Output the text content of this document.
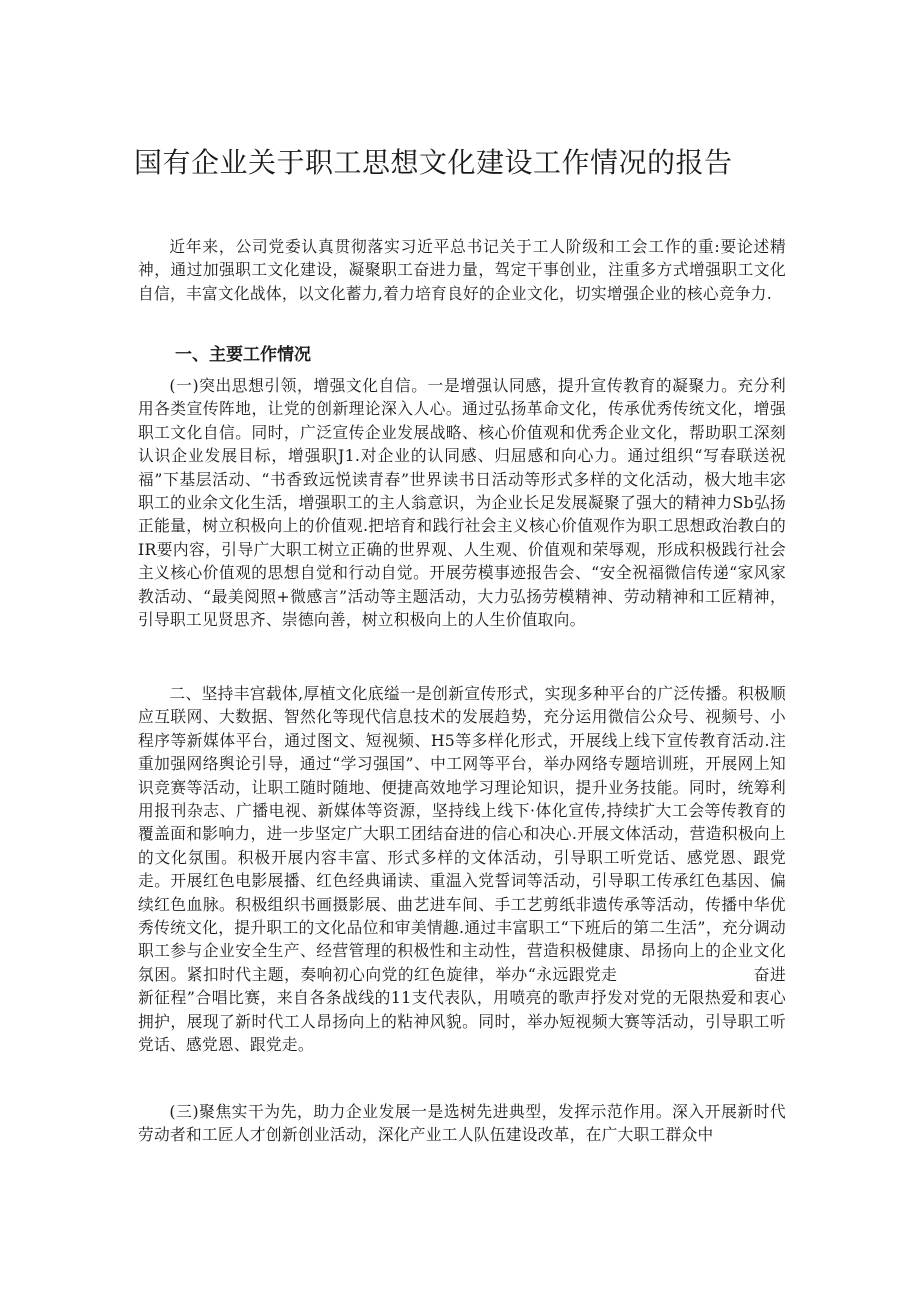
国有企业关于职工思想文化建设工作情况的报告

近年来，公司党委认真贯彻落实习近平总书记关于工人阶级和工会工作的重:要论述精神，通过加强职工文化建设，凝聚职工奋进力量，驾定干事创业，注重多方式增强职工文化自信，丰富文化战体，以文化蓄力,着力培育良好的企业文化，切实增强企业的核心竞争力.

一、主要工作情况

(一)突出思想引领，增强文化自信。一是增强认同感，提升宣传教育的凝聚力。充分利用各类宣传阵地，让党的创新理论深入人心。通过弘扬革命文化，传承优秀传统文化，增强职工文化自信。同时，广泛宣传企业发展战略、核心价值观和优秀企业文化，帮助职工深刻认识企业发展目标，增强职J1.对企业的认同感、归屈感和向心力。通过组织“写春联送祝福”下基层活动、“书香致远悦读青春”世界读书日活动等形式多样的文化活动，极大地丰宓职工的业余文化生活，增强职工的主人翁意识，为企业长足发展凝聚了强大的精神力Sb弘扬正能量，树立积极向上的价值观.把培育和践行社会主义核心价值观作为职工思想政治教白的IR要内容，引导广大职工树立正确的世界观、人生观、价值观和荣辱观，形成积极践行社会主义核心价值观的思想自觉和行动自觉。开展劳模事迹报告会、“安全祝福微信传递“家风家教活动、“最美阅照+微感言”活动等主题活动，大力弘扬劳模精神、劳动精神和工匠精神，引导职工见贤思齐、崇德向善，树立积极向上的人生价值取向。

二、坚持丰宫载体,厚植文化底缢一是创新宣传形式，实现多种平台的广泛传播。积极顺应互联网、大数据、智然化等现代信息技术的发展趋势，充分运用微信公众号、视频号、小程序等新媒体平台，通过图文、短视频、H5等多样化形式，开展线上线下宣传教育活动.注重加强网络舆论引导，通过“学习强国”、中工网等平台，举办网络专题培训班，开展网上知识竞赛等活动，让职工随时随地、便捷高效地学习理论知识，提升业务技能。同时，统筹利用报刊杂志、广播电视、新媒体等资源，坚持线上线下·体化宣传,持续扩大工会等传教育的覆盖面和影响力，进一步坚定广大职工团结奋进的信心和决心.开展文体活动，营造积极向上的文化氛围。积极开展内容丰富、形式多样的文体活动，引导职工听党话、感党恩、跟党走。开展红色电影展播、红色经典诵读、重温入党誓词等活动，引导职工传承红色基因、偏续红色血脉。积极组织书画摄影展、曲艺进车间、手工艺剪纸非遗传承等活动，传播中华优秀传统文化，提升职工的文化品位和审美情趣.通过丰富职工“下班后的第二生活”，充分调动职工参与企业安全生产、经营管理的积极性和主动性，营造积极健康、昂扬向上的企业文化氛困。紧扣时代主题，奏响初心向党的红色旋律，举办“永远跟党走	奋进新征程”合唱比赛，来自各条战线的11支代表队，用喷亮的歌声抒发对党的无限热爱和衷心拥护，展现了新时代工人昂扬向上的粘神风貌。同时，举办短视频大赛等活动，引导职工听党话、感党恩、跟党走。

(三)聚焦实干为先，助力企业发展一是选树先进典型，发挥示范作用。深入开展新时代劳动者和工匠人才创新创业活动，深化产业工人队伍建设改革，在广大职工群众中
